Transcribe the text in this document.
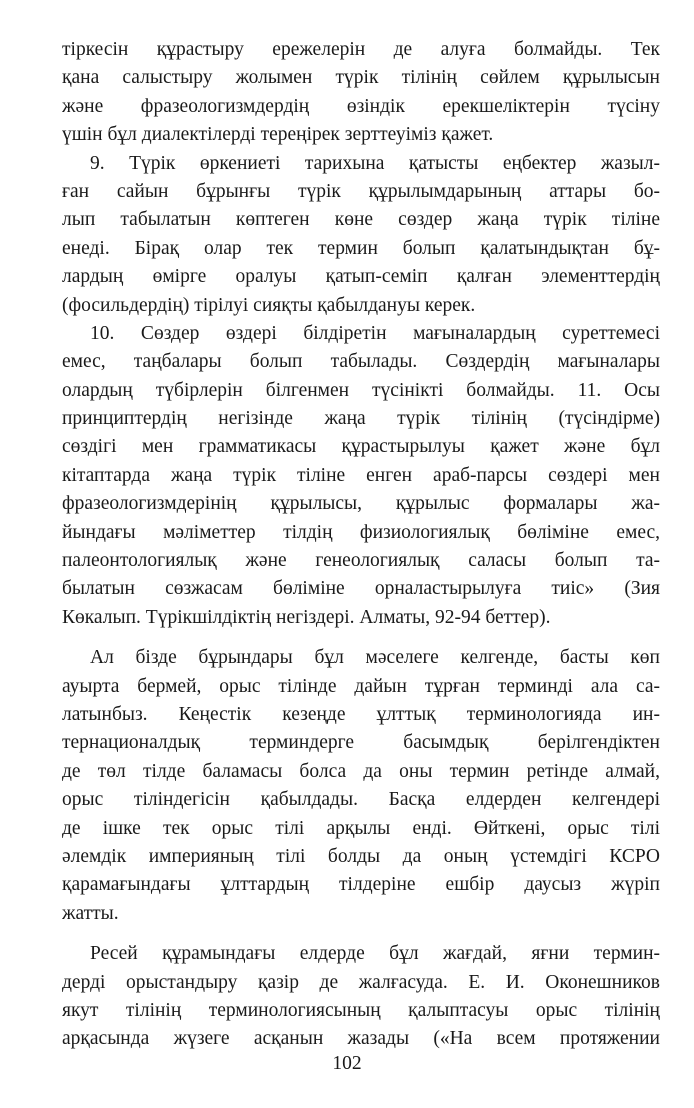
тіркесін құрастыру ережелерін де алуға болмайды. Тек
қана салыстыру жолымен түрік тілінің сөйлем құрылысын
және фразеологизмдердің өзіндік ерекшеліктерін түсіну
үшін бұл диалектілерді тереңірек зерттеуіміз қажет.
9. Түрік өркениеті тарихына қатысты еңбектер жазыл-
ған сайын бұрынғы түрік құрылымдарының аттары бо-
лып табылатын көптеген көне сөздер жаңа түрік тіліне
енеді. Бірақ олар тек термин болып қалатындықтан бұ-
лардың өмірге оралуы қатып-семіп қалған элементтердің
(фосильдердің) тірілуі сияқты қабылдануы керек.
10. Сөздер өздері білдіретін мағыналардың суреттемесі
емес, таңбалары болып табылады. Сөздердің мағыналары
олардың түбірлерін білгенмен түсінікті болмайды. 11. Осы
принциптердің негізінде жаңа түрік тілінің (түсіндірме)
сөздігі мен грамматикасы құрастырылуы қажет және бұл
кітаптарда жаңа түрік тіліне енген араб-парсы сөздері мен
фразеологизмдерінің құрылысы, құрылыс формалары жа-
йындағы мәліметтер тілдің физиологиялық бөліміне емес,
палеонтологиялық және генеологиялық саласы болып та-
былатын сөзжасам бөліміне орналастырылуға тиіс» (Зия
Көкалып. Түрікшілдіктің негіздері. Алматы, 92-94 беттер).
Ал бізде бұрындары бұл мәселеге келгенде, басты көп
ауырта бермей, орыс тілінде дайын тұрған терминді ала са-
латынбыз. Кеңестік кезеңде ұлттық терминологияда ин-
тернационалдық терминдерге басымдық берілгендіктен
де төл тілде баламасы болса да оны термин ретінде алмай,
орыс тіліндегісін қабылдады. Басқа елдерден келгендері
де ішке тек орыс тілі арқылы енді. Өйткені, орыс тілі
әлемдік империяның тілі болды да оның үстемдігі КСРО
қарамағындағы ұлттардың тілдеріне ешбір даусыз жүріп
жатты.
Ресей құрамындағы елдерде бұл жағдай, яғни термин-
дерді орыстандыру қазір де жалғасуда. Е. И. Оконешников
якут тілінің терминологиясының қалыптасуы орыс тілінің
арқасында жүзеге асқанын жазады («На всем протяжении
102
